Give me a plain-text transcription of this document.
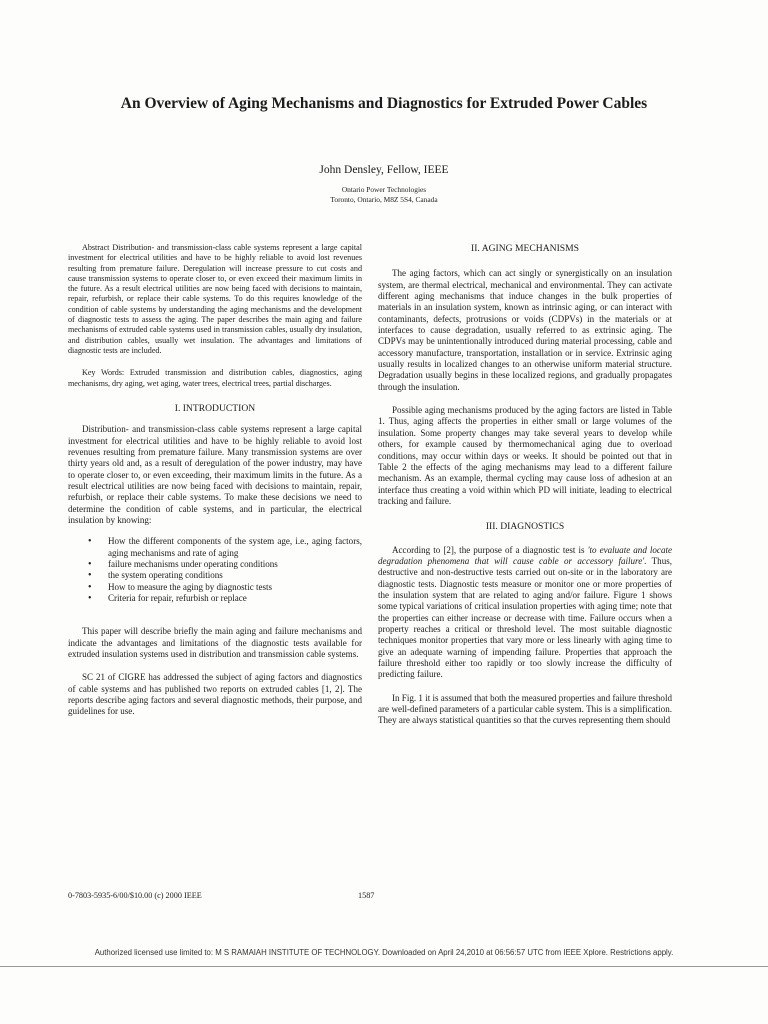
An Overview of Aging Mechanisms and Diagnostics for Extruded Power Cables
John Densley, Fellow, IEEE
Ontario Power Technologies
Toronto, Ontario, M8Z 5S4, Canada

Abstract Distribution- and transmission-class cable systems represent a large capital investment for electrical utilities and have to be highly reliable to avoid lost revenues resulting from premature failure. Deregulation will increase pressure to cut costs and cause transmission systems to operate closer to, or even exceed their maximum limits in the future. As a result electrical utilities are now being faced with decisions to maintain, repair, refurbish, or replace their cable systems. To do this requires knowledge of the condition of cable systems by understanding the aging mechanisms and the development of diagnostic tests to assess the aging. The paper describes the main aging and failure mechanisms of extruded cable systems used in transmission cables, usually dry insulation, and distribution cables, usually wet insulation. The advantages and limitations of diagnostic tests are included.

Key Words: Extruded transmission and distribution cables, diagnostics, aging mechanisms, dry aging, wet aging, water trees, electrical trees, partial discharges.

I. INTRODUCTION

Distribution- and transmission-class cable systems represent a large capital investment for electrical utilities and have to be highly reliable to avoid lost revenues resulting from premature failure. Many transmission systems are over thirty years old and, as a result of deregulation of the power industry, may have to operate closer to, or even exceeding, their maximum limits in the future. As a result electrical utilities are now being faced with decisions to maintain, repair, refurbish, or replace their cable systems. To make these decisions we need to determine the condition of cable systems, and in particular, the electrical insulation by knowing:

• How the different components of the system age, i.e., aging factors, aging mechanisms and rate of aging
• failure mechanisms under operating conditions
• the system operating conditions
• How to measure the aging by diagnostic tests
• Criteria for repair, refurbish or replace

This paper will describe briefly the main aging and failure mechanisms and indicate the advantages and limitations of the diagnostic tests available for extruded insulation systems used in distribution and transmission cable systems.

SC 21 of CIGRE has addressed the subject of aging factors and diagnostics of cable systems and has published two reports on extruded cables [1, 2]. The reports describe aging factors and several diagnostic methods, their purpose, and guidelines for use.

II. AGING MECHANISMS

The aging factors, which can act singly or synergistically on an insulation system, are thermal electrical, mechanical and environmental. They can activate different aging mechanisms that induce changes in the bulk properties of materials in an insulation system, known as intrinsic aging, or can interact with contaminants, defects, protrusions or voids (CDPVs) in the materials or at interfaces to cause degradation, usually referred to as extrinsic aging. The CDPVs may be unintentionally introduced during material processing, cable and accessory manufacture, transportation, installation or in service. Extrinsic aging usually results in localized changes to an otherwise uniform material structure. Degradation usually begins in these localized regions, and gradually propagates through the insulation.

Possible aging mechanisms produced by the aging factors are listed in Table 1. Thus, aging affects the properties in either small or large volumes of the insulation. Some property changes may take several years to develop while others, for example caused by thermomechanical aging due to overload conditions, may occur within days or weeks. It should be pointed out that in Table 2 the effects of the aging mechanisms may lead to a different failure mechanism. As an example, thermal cycling may cause loss of adhesion at an interface thus creating a void within which PD will initiate, leading to electrical tracking and failure.

III. DIAGNOSTICS

According to [2], the purpose of a diagnostic test is 'to evaluate and locate degradation phenomena that will cause cable or accessory failure'. Thus, destructive and non-destructive tests carried out on-site or in the laboratory are diagnostic tests. Diagnostic tests measure or monitor one or more properties of the insulation system that are related to aging and/or failure. Figure 1 shows some typical variations of critical insulation properties with aging time; note that the properties can either increase or decrease with time. Failure occurs when a property reaches a critical or threshold level. The most suitable diagnostic techniques monitor properties that vary more or less linearly with aging time to give an adequate warning of impending failure. Properties that approach the failure threshold either too rapidly or too slowly increase the difficulty of predicting failure.

In Fig. 1 it is assumed that both the measured properties and failure threshold are well-defined parameters of a particular cable system. This is a simplification. They are always statistical quantities so that the curves representing them should

0-7803-5935-6/00/$10.00 (c) 2000 IEEE	1587
Authorized licensed use limited to: M S RAMAIAH INSTITUTE OF TECHNOLOGY. Downloaded on April 24,2010 at 06:56:57 UTC from IEEE Xplore. Restrictions apply.
